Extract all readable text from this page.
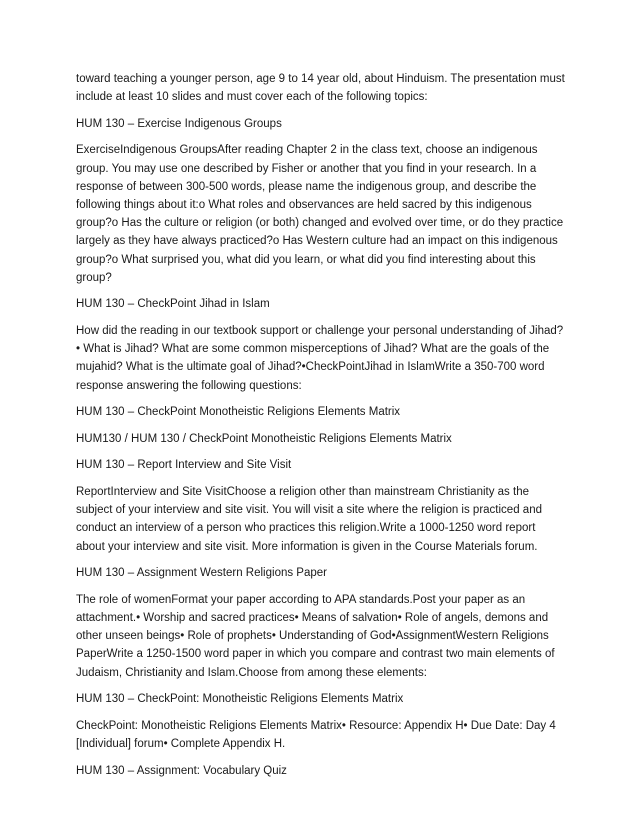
toward teaching a younger person, age 9 to 14 year old, about Hinduism. The presentation must include at least 10 slides and must cover each of the following topics:

HUM 130 – Exercise Indigenous Groups

ExerciseIndigenous GroupsAfter reading Chapter 2 in the class text, choose an indigenous group. You may use one described by Fisher or another that you find in your research. In a response of between 300-500 words, please name the indigenous group, and describe the following things about it:o What roles and observances are held sacred by this indigenous group?o Has the culture or religion (or both) changed and evolved over time, or do they practice largely as they have always practiced?o Has Western culture had an impact on this indigenous group?o What surprised you, what did you learn, or what did you find interesting about this group?

HUM 130 – CheckPoint Jihad in Islam

How did the reading in our textbook support or challenge your personal understanding of Jihad?• What is Jihad? What are some common misperceptions of Jihad? What are the goals of the mujahid? What is the ultimate goal of Jihad?•CheckPointJihad in IslamWrite a 350-700 word response answering the following questions:

HUM 130 – CheckPoint Monotheistic Religions Elements Matrix

HUM130 / HUM 130 / CheckPoint Monotheistic Religions Elements Matrix

HUM 130 – Report Interview and Site Visit

ReportInterview and Site VisitChoose a religion other than mainstream Christianity as the subject of your interview and site visit. You will visit a site where the religion is practiced and conduct an interview of a person who practices this religion.Write a 1000-1250 word report about your interview and site visit. More information is given in the Course Materials forum.

HUM 130 – Assignment Western Religions Paper

The role of womenFormat your paper according to APA standards.Post your paper as an attachment.• Worship and sacred practices• Means of salvation• Role of angels, demons and other unseen beings• Role of prophets• Understanding of God•AssignmentWestern Religions PaperWrite a 1250-1500 word paper in which you compare and contrast two main elements of Judaism, Christianity and Islam.Choose from among these elements:

HUM 130 – CheckPoint: Monotheistic Religions Elements Matrix

CheckPoint: Monotheistic Religions Elements Matrix• Resource: Appendix H• Due Date: Day 4 [Individual] forum• Complete Appendix H.

HUM 130 – Assignment: Vocabulary Quiz
